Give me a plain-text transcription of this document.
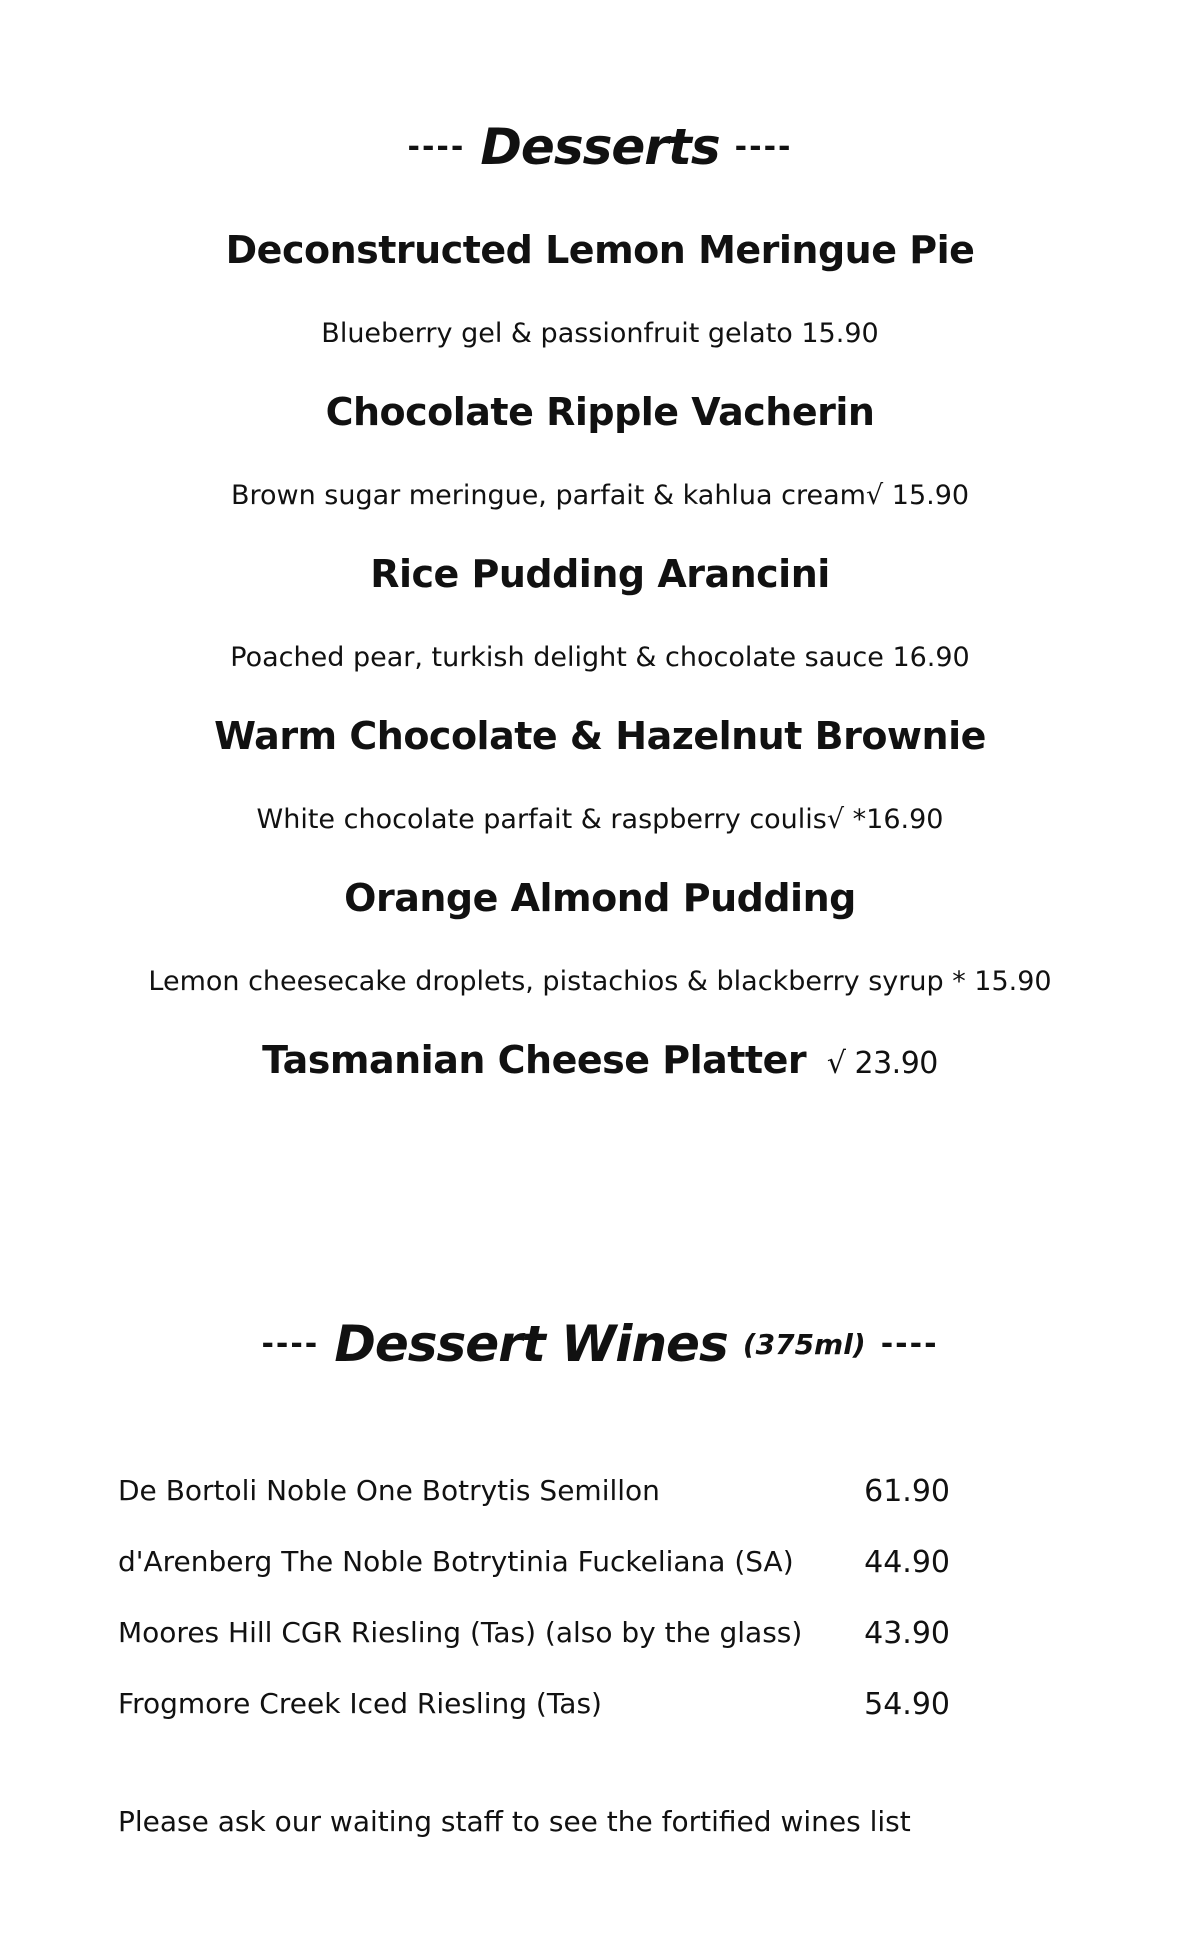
---- Desserts ----
Deconstructed Lemon Meringue Pie
Blueberry gel & passionfruit gelato 15.90
Chocolate Ripple Vacherin
Brown sugar meringue, parfait & kahlua cream√ 15.90
Rice Pudding Arancini
Poached pear, turkish delight & chocolate sauce 16.90
Warm Chocolate & Hazelnut Brownie
White chocolate parfait & raspberry coulis√ *16.90
Orange Almond Pudding
Lemon cheesecake droplets, pistachios & blackberry syrup * 15.90
Tasmanian Cheese Platter √ 23.90
---- Dessert Wines (375ml) ----
De Bortoli Noble One Botrytis Semillon	61.90
d'Arenberg The Noble Botrytinia Fuckeliana (SA) 44.90
Moores Hill CGR Riesling (Tas) (also by the glass) 43.90
Frogmore Creek Iced Riesling (Tas)	54.90
Please ask our waiting staff to see the fortified wines list
